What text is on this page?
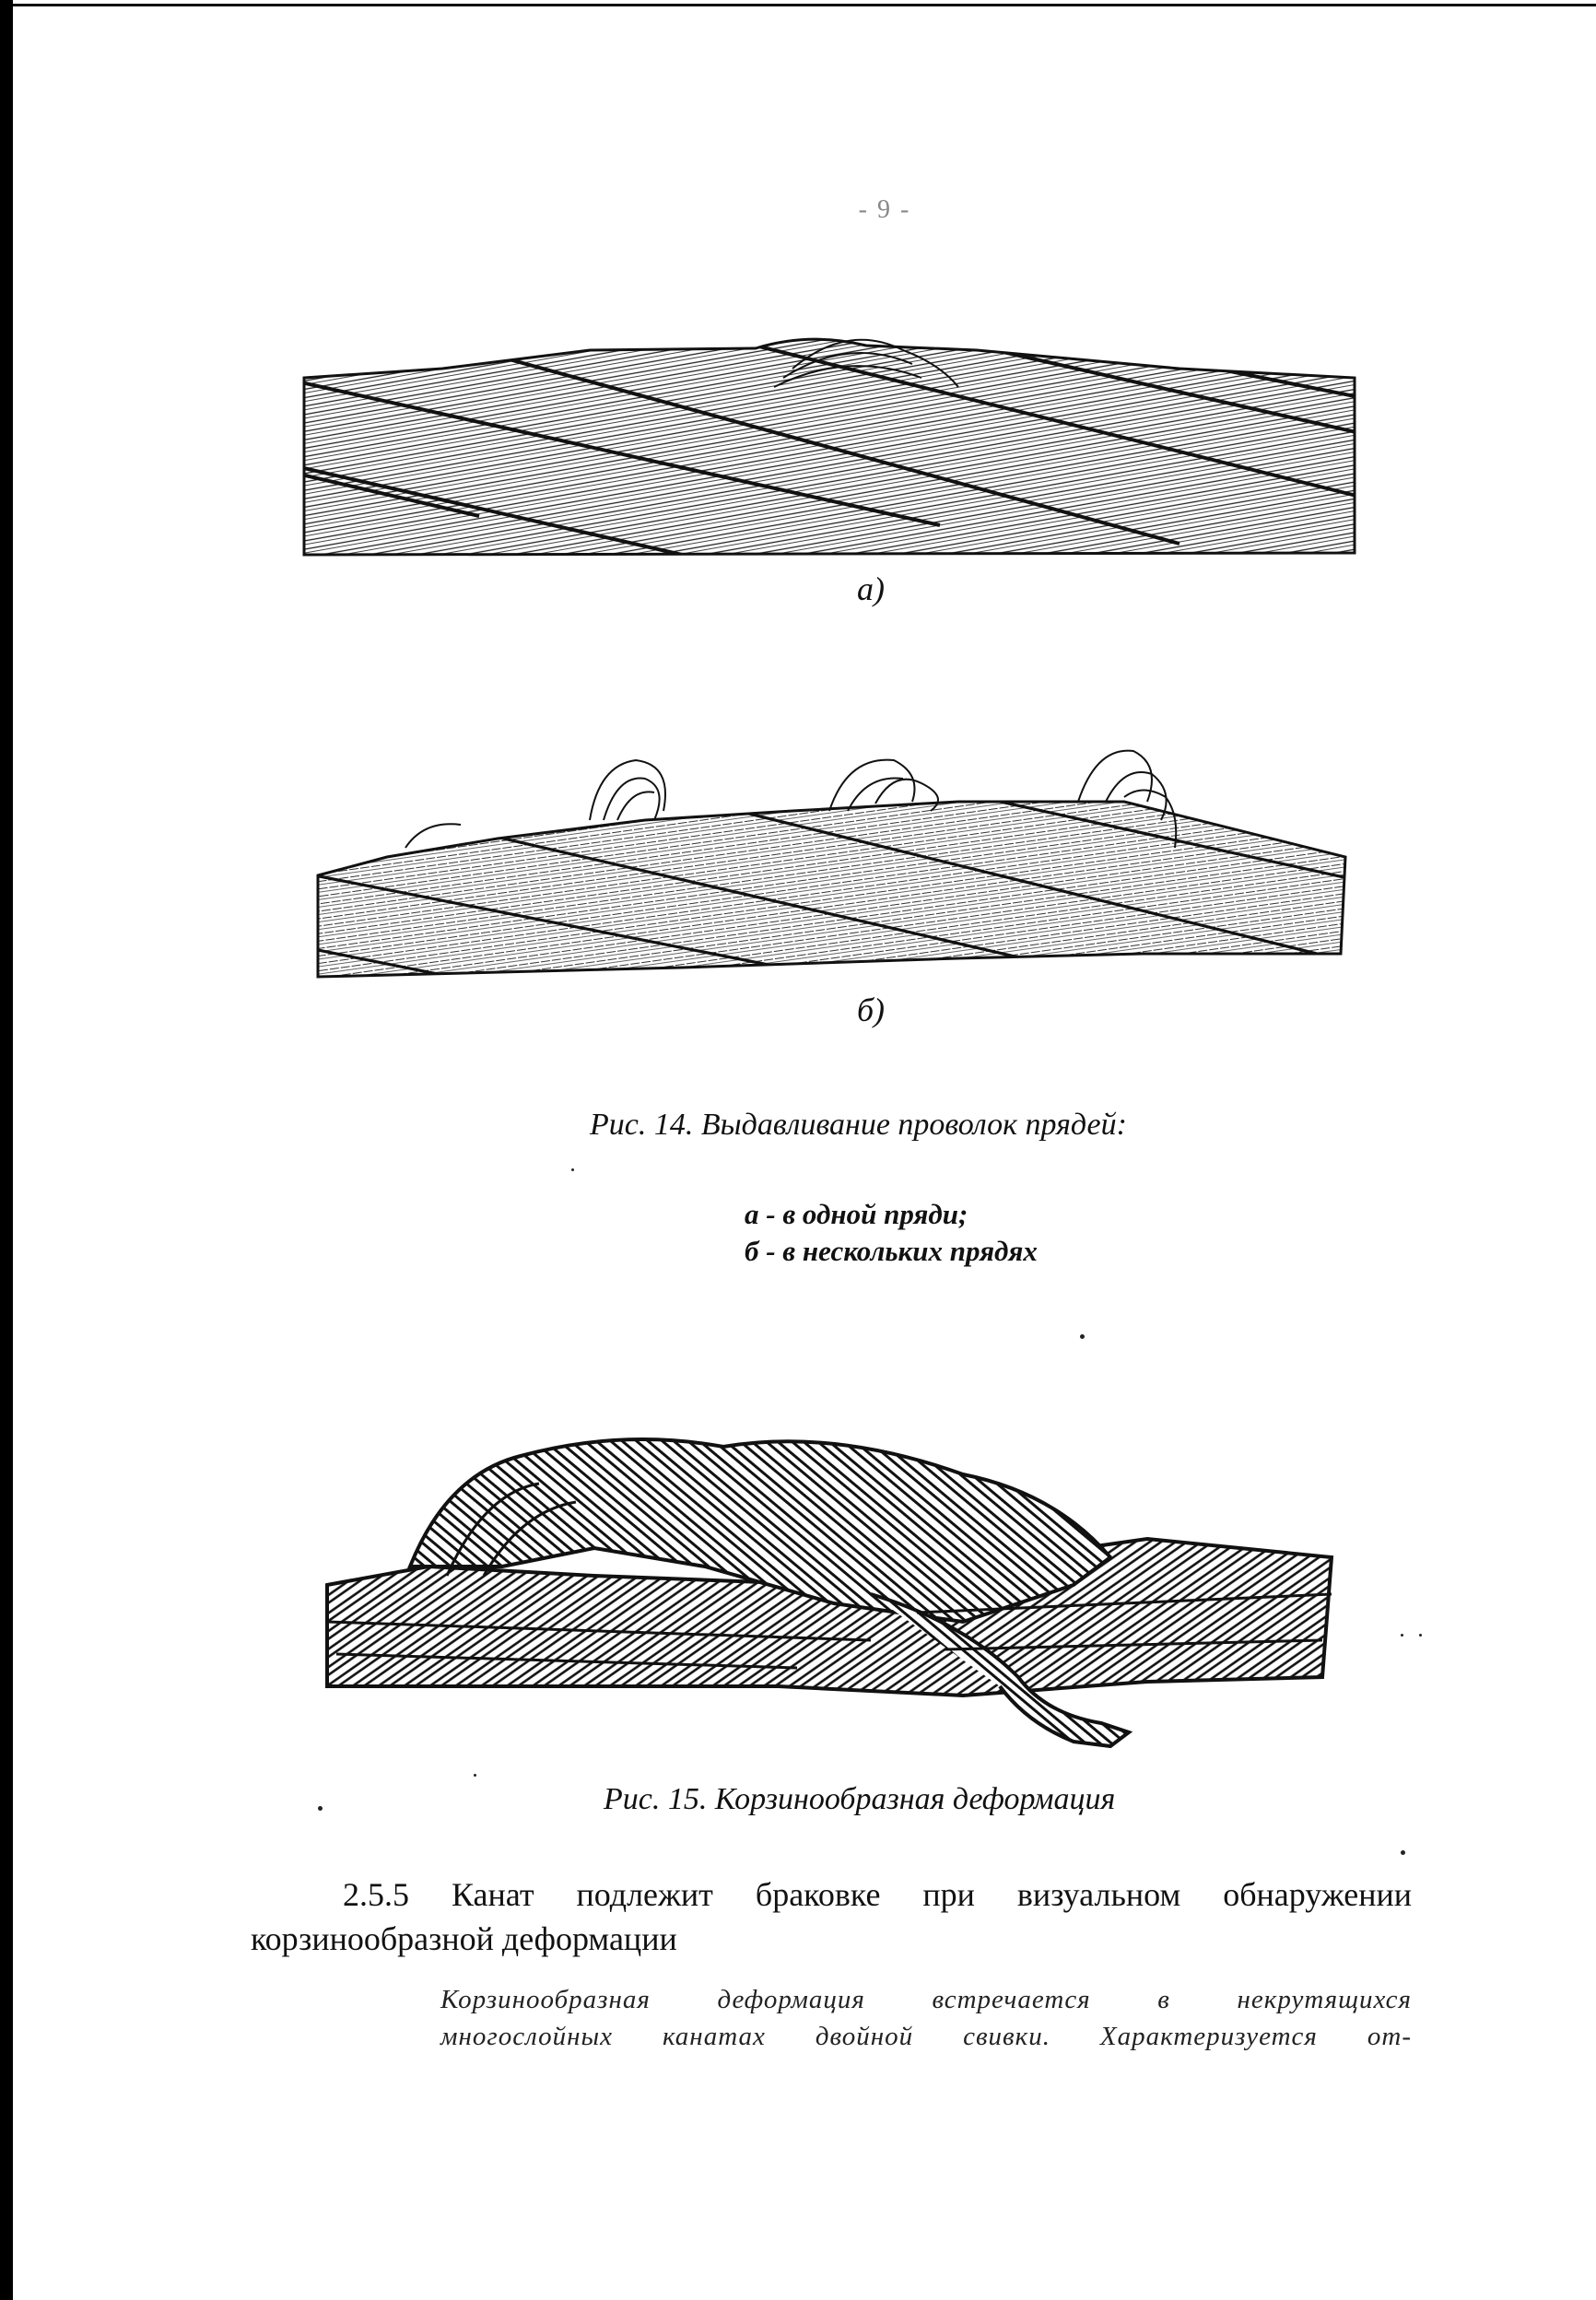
- 9 -
а)
б)
Рис. 14. Выдавливание проволок прядей:
а - в одной пряди;
б - в нескольких прядях
Рис. 15. Корзинообразная деформация
2.5.5 Канат подлежит браковке при визуальном обнаружении
корзинообразной деформации
Корзинообразная деформация встречается в некрутящихся
многослойных канатах двойной свивки. Характеризуется от-
